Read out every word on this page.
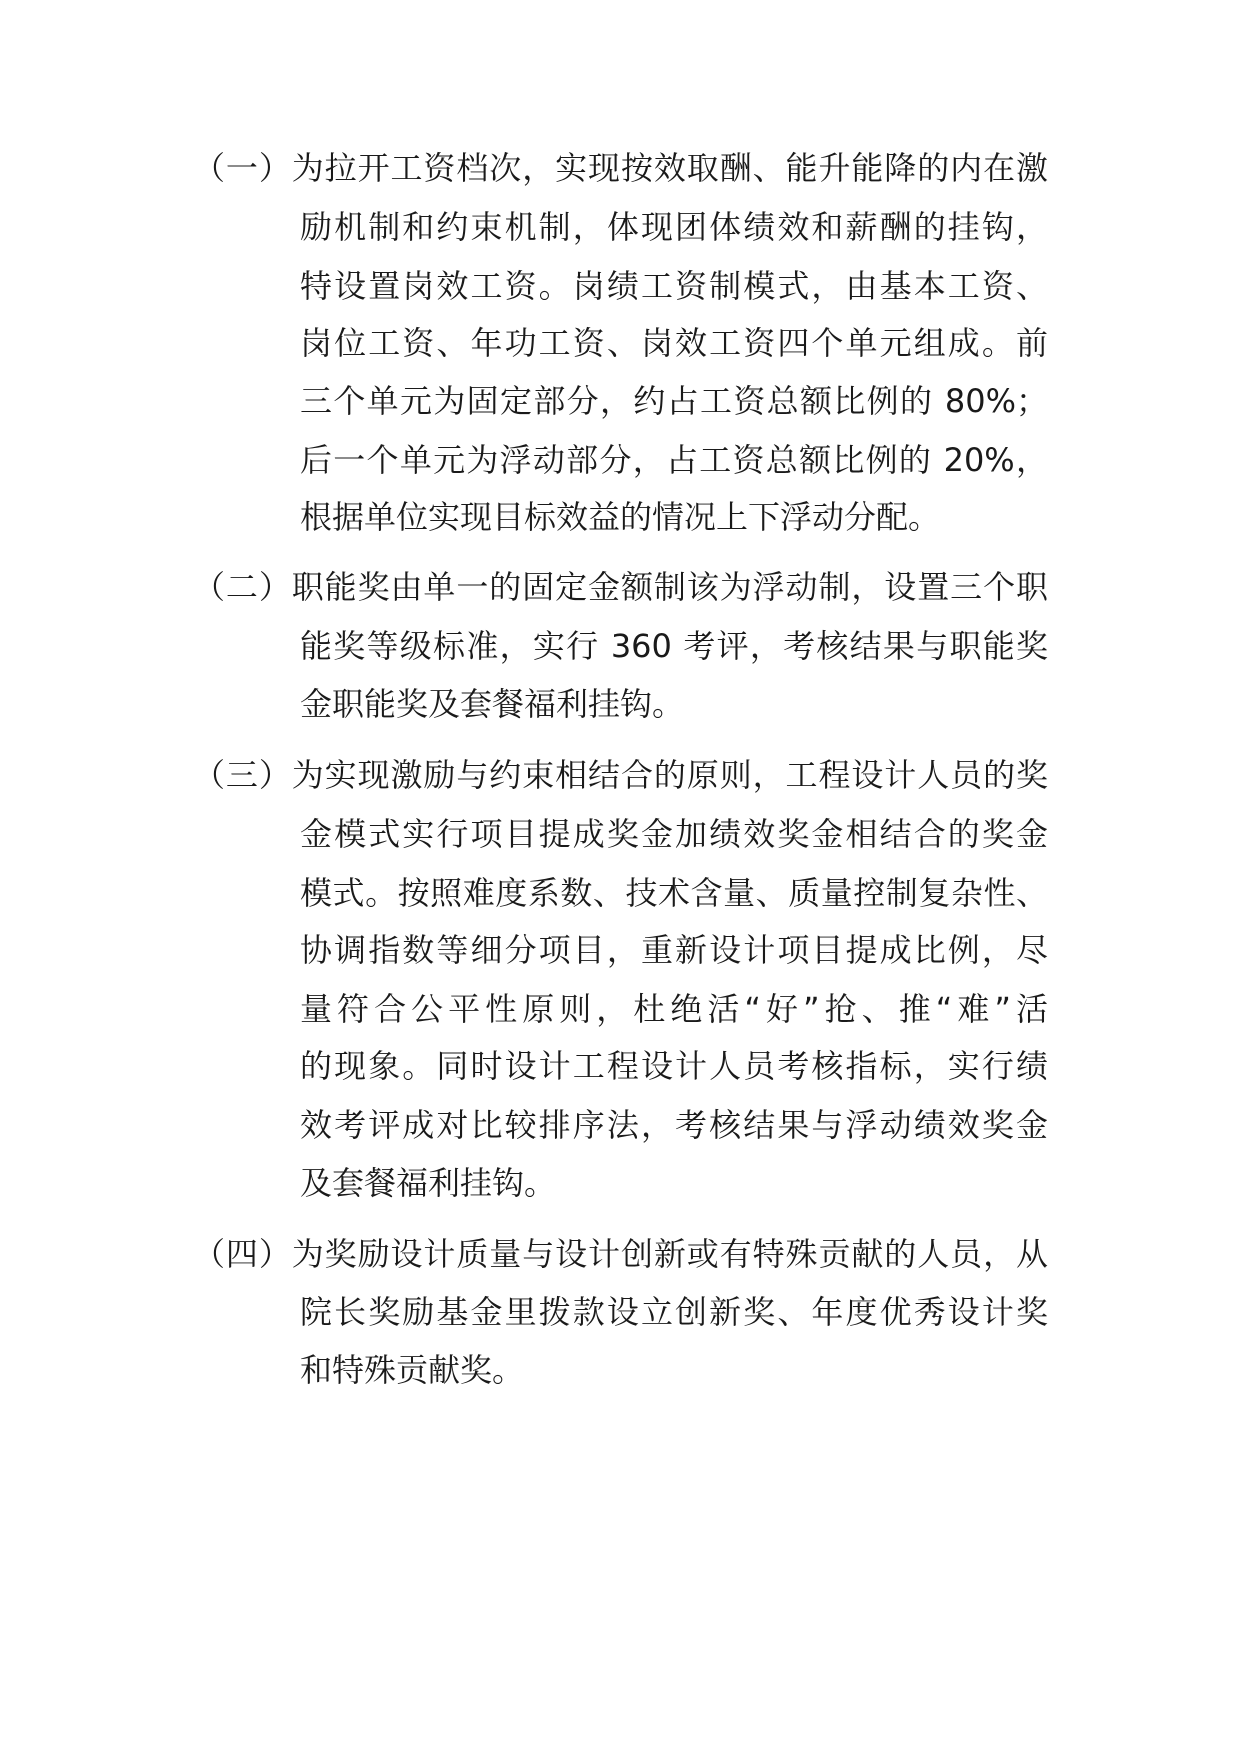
（一）为拉开工资档次，实现按效取酬、能升能降的内在激
励机制和约束机制，体现团体绩效和薪酬的挂钩，
特设置岗效工资。岗绩工资制模式，由基本工资、
岗位工资、年功工资、岗效工资四个单元组成。前
三个单元为固定部分，约占工资总额比例的 80%；
后一个单元为浮动部分，占工资总额比例的 20%，
根据单位实现目标效益的情况上下浮动分配。
（二）职能奖由单一的固定金额制该为浮动制，设置三个职
能奖等级标准，实行 360 考评，考核结果与职能奖
金职能奖及套餐福利挂钩。
（三）为实现激励与约束相结合的原则，工程设计人员的奖
金模式实行项目提成奖金加绩效奖金相结合的奖金
模式。按照难度系数、技术含量、质量控制复杂性、
协调指数等细分项目，重新设计项目提成比例，尽
量符合公平性原则，杜绝活“好”抢、推“难”活
的现象。同时设计工程设计人员考核指标，实行绩
效考评成对比较排序法，考核结果与浮动绩效奖金
及套餐福利挂钩。
（四）为奖励设计质量与设计创新或有特殊贡献的人员，从
院长奖励基金里拨款设立创新奖、年度优秀设计奖
和特殊贡献奖。
